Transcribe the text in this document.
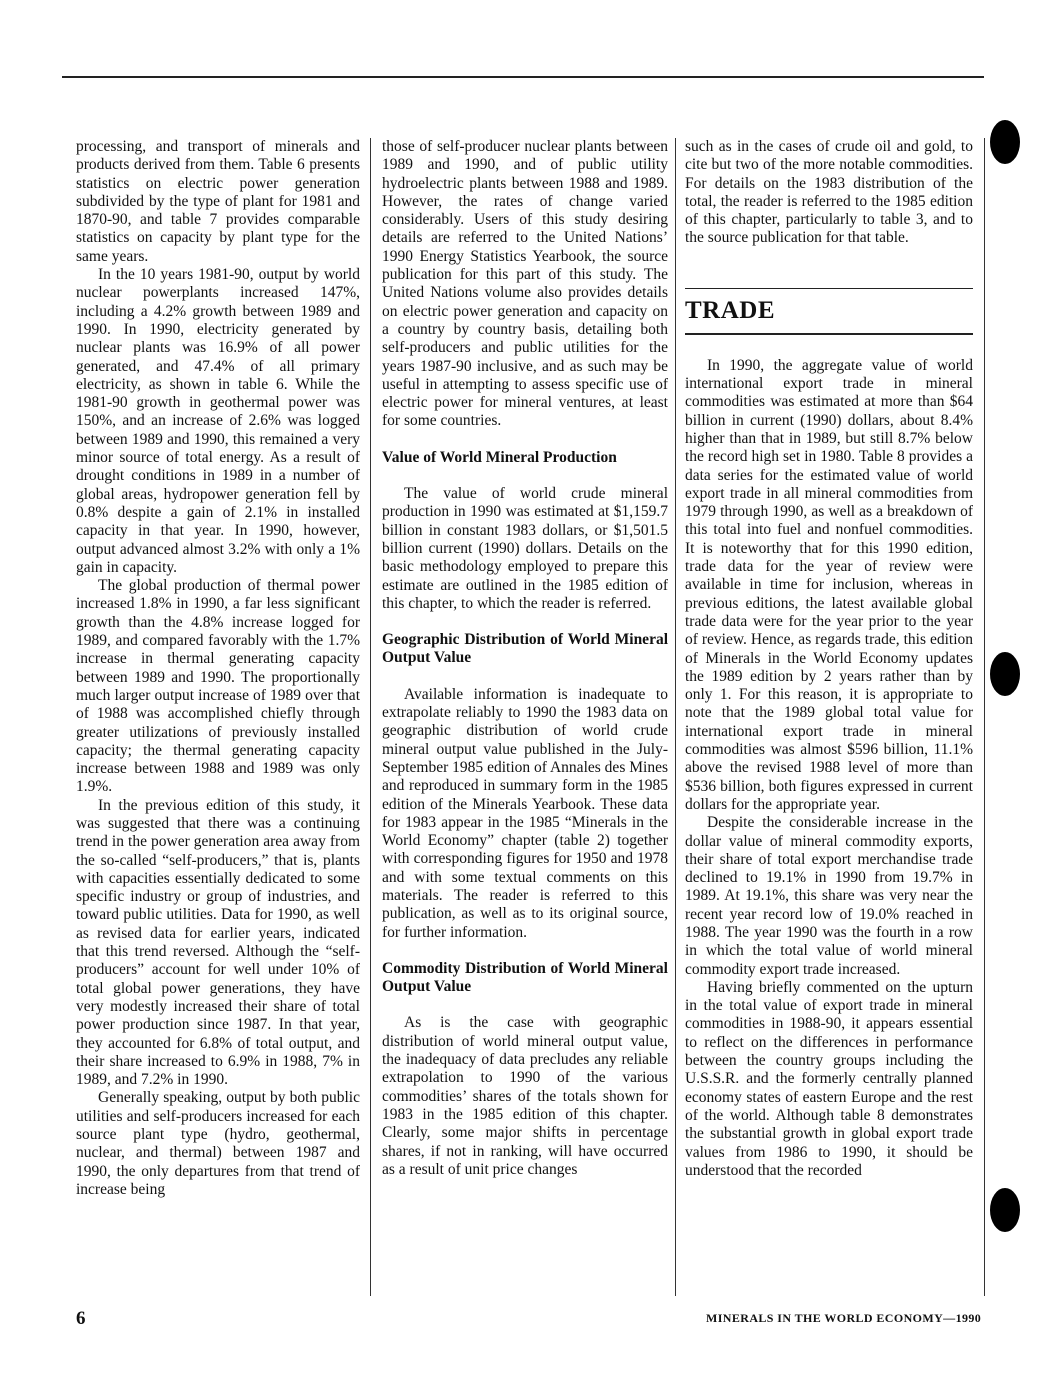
processing, and transport of minerals and products derived from them. Table 6 presents statistics on electric power generation subdivided by the type of plant for 1981 and 1870-90, and table 7 provides comparable statistics on capacity by plant type for the same years.

In the 10 years 1981-90, output by world nuclear powerplants increased 147%, including a 4.2% growth between 1989 and 1990. In 1990, electricity generated by nuclear plants was 16.9% of all power generated, and 47.4% of all primary electricity, as shown in table 6. While the 1981-90 growth in geothermal power was 150%, and an increase of 2.6% was logged between 1989 and 1990, this remained a very minor source of total energy. As a result of drought conditions in 1989 in a number of global areas, hydropower generation fell by 0.8% despite a gain of 2.1% in installed capacity in that year. In 1990, however, output advanced almost 3.2% with only a 1% gain in capacity.

The global production of thermal power increased 1.8% in 1990, a far less significant growth than the 4.8% increase logged for 1989, and compared favorably with the 1.7% increase in thermal generating capacity between 1989 and 1990. The proportionally much larger output increase of 1989 over that of 1988 was accomplished chiefly through greater utilizations of previously installed capacity; the thermal generating capacity increase between 1988 and 1989 was only 1.9%.

In the previous edition of this study, it was suggested that there was a continuing trend in the power generation area away from the so-called “self-producers,” that is, plants with capacities essentially dedicated to some specific industry or group of industries, and toward public utilities. Data for 1990, as well as revised data for earlier years, indicated that this trend reversed. Although the “self-producers” account for well under 10% of total global power generations, they have very modestly increased their share of total power production since 1987. In that year, they accounted for 6.8% of total output, and their share increased to 6.9% in 1988, 7% in 1989, and 7.2% in 1990.

Generally speaking, output by both public utilities and self-producers increased for each source plant type (hydro, geothermal, nuclear, and thermal) between 1987 and 1990, the only departures from that trend of increase being

those of self-producer nuclear plants between 1989 and 1990, and of public utility hydroelectric plants between 1988 and 1989. However, the rates of change varied considerably. Users of this study desiring details are referred to the United Nations’ 1990 Energy Statistics Yearbook, the source publication for this part of this study. The United Nations volume also provides details on electric power generation and capacity on a country by country basis, detailing both self-producers and public utilities for the years 1987-90 inclusive, and as such may be useful in attempting to assess specific use of electric power for mineral ventures, at least for some countries.

Value of World Mineral Production

The value of world crude mineral production in 1990 was estimated at $1,159.7 billion in constant 1983 dollars, or $1,501.5 billion current (1990) dollars. Details on the basic methodology employed to prepare this estimate are outlined in the 1985 edition of this chapter, to which the reader is referred.

Geographic Distribution of World Mineral Output Value

Available information is inadequate to extrapolate reliably to 1990 the 1983 data on geographic distribution of world crude mineral output value published in the July-September 1985 edition of Annales des Mines and reproduced in summary form in the 1985 edition of the Minerals Yearbook. These data for 1983 appear in the 1985 “Minerals in the World Economy” chapter (table 2) together with corresponding figures for 1950 and 1978 and with some textual comments on this materials. The reader is referred to this publication, as well as to its original source, for further information.

Commodity Distribution of World Mineral Output Value

As is the case with geographic distribution of world mineral output value, the inadequacy of data precludes any reliable extrapolation to 1990 of the various commodities’ shares of the totals shown for 1983 in the 1985 edition of this chapter. Clearly, some major shifts in percentage shares, if not in ranking, will have occurred as a result of unit price changes

such as in the cases of crude oil and gold, to cite but two of the more notable commodities. For details on the 1983 distribution of the total, the reader is referred to the 1985 edition of this chapter, particularly to table 3, and to the source publication for that table.

TRADE

In 1990, the aggregate value of world international export trade in mineral commodities was estimated at more than $64 billion in current (1990) dollars, about 8.4% higher than that in 1989, but still 8.7% below the record high set in 1980. Table 8 provides a data series for the estimated value of world export trade in all mineral commodities from 1979 through 1990, as well as a breakdown of this total into fuel and nonfuel commodities. It is noteworthy that for this 1990 edition, trade data for the year of review were available in time for inclusion, whereas in previous editions, the latest available global trade data were for the year prior to the year of review. Hence, as regards trade, this edition of Minerals in the World Economy updates the 1989 edition by 2 years rather than by only 1. For this reason, it is appropriate to note that the 1989 global total value for international export trade in mineral commodities was almost $596 billion, 11.1% above the revised 1988 level of more than $536 billion, both figures expressed in current dollars for the appropriate year.

Despite the considerable increase in the dollar value of mineral commodity exports, their share of total export merchandise trade declined to 19.1% in 1990 from 19.7% in 1989. At 19.1%, this share was very near the recent year record low of 19.0% reached in 1988. The year 1990 was the fourth in a row in which the total value of world mineral commodity export trade increased.

Having briefly commented on the upturn in the total value of export trade in mineral commodities in 1988-90, it appears essential to reflect on the differences in performance between the country groups including the U.S.S.R. and the formerly centrally planned economy states of eastern Europe and the rest of the world. Although table 8 demonstrates the substantial growth in global export trade values from 1986 to 1990, it should be understood that the recorded

6	MINERALS IN THE WORLD ECONOMY—1990
